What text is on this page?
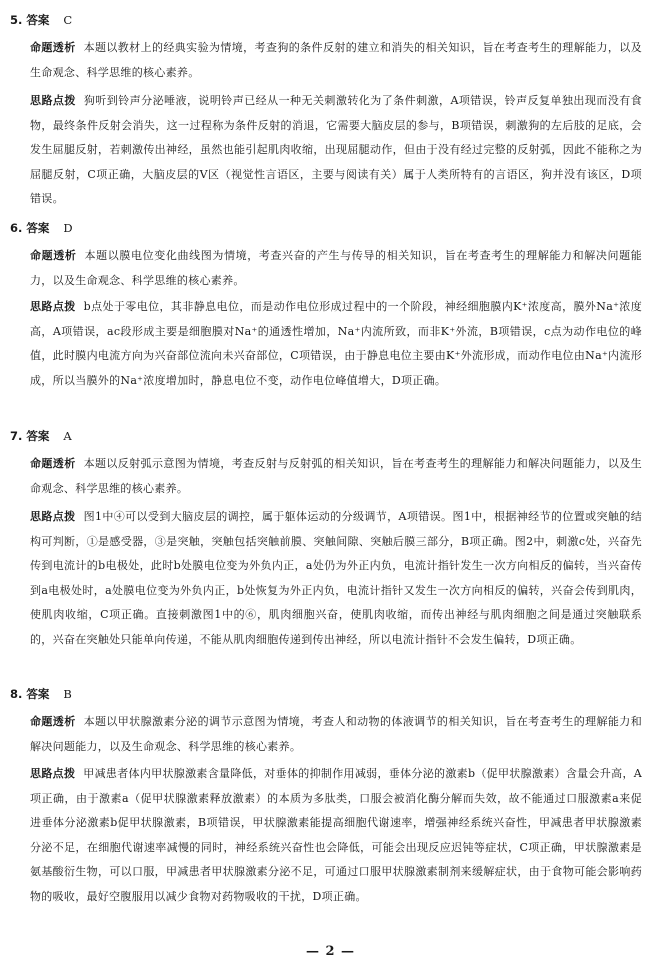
5. 答案 C
命题透析 本题以教材上的经典实验为情境，考查狗的条件反射的建立和消失的相关知识，旨在考查考生的理解能力，以及生命观念、科学思维的核心素养。
思路点拨 狗听到铃声分泌唾液，说明铃声已经从一种无关刺激转化为了条件刺激，A项错误，铃声反复单独出现而没有食物，最终条件反射会消失，这一过程称为条件反射的消退，它需要大脑皮层的参与，B项错误，刺激狗的左后肢的足底，会发生屈腿反射，若刺激传出神经，虽然也能引起肌肉收缩，出现屈腿动作，但由于没有经过完整的反射弧，因此不能称之为屈腿反射，C项正确，大脑皮层的V区（视觉性言语区，主要与阅读有关）属于人类所特有的言语区，狗并没有该区，D项错误。
6. 答案 D
命题透析 本题以膜电位变化曲线图为情境，考查兴奋的产生与传导的相关知识，旨在考查考生的理解能力和解决问题能力，以及生命观念、科学思维的核心素养。
思路点拨 b点处于零电位，其非静息电位，而是动作电位形成过程中的一个阶段，神经细胞膜内K⁺浓度高，膜外Na⁺浓度高，A项错误，ac段形成主要是细胞膜对Na⁺的通透性增加，Na⁺内流所致，而非K⁺外流，B项错误，c点为动作电位的峰值，此时膜内电流方向为兴奋部位流向未兴奋部位，C项错误，由于静息电位主要由K⁺外流形成，而动作电位由Na⁺内流形成，所以当膜外的Na⁺浓度增加时，静息电位不变，动作电位峰值增大，D项正确。
7. 答案 A
命题透析 本题以反射弧示意图为情境，考查反射与反射弧的相关知识，旨在考查考生的理解能力和解决问题能力，以及生命观念、科学思维的核心素养。
思路点拨 图1中④可以受到大脑皮层的调控，属于躯体运动的分级调节，A项错误。图1中，根据神经节的位置或突触的结构可判断，①是感受器，③是突触，突触包括突触前膜、突触间隙、突触后膜三部分，B项正确。图2中，刺激c处，兴奋先传到电流计的b电极处，此时b处膜电位变为外负内正，a处仍为外正内负，电流计指针发生一次方向相反的偏转，当兴奋传到a电极处时，a处膜电位变为外负内正，b处恢复为外正内负，电流计指针又发生一次方向相反的偏转，兴奋会传到肌肉，使肌肉收缩，C项正确。直接刺激图1中的⑥，肌肉细胞兴奋，使肌肉收缩，而传出神经与肌肉细胞之间是通过突触联系的，兴奋在突触处只能单向传递，不能从肌肉细胞传递到传出神经，所以电流计指针不会发生偏转，D项正确。
8. 答案 B
命题透析 本题以甲状腺激素分泌的调节示意图为情境，考查人和动物的体液调节的相关知识，旨在考查考生的理解能力和解决问题能力，以及生命观念、科学思维的核心素养。
思路点拨 甲减患者体内甲状腺激素含量降低，对垂体的抑制作用减弱，垂体分泌的激素b（促甲状腺激素）含量会升高，A项正确，由于激素a（促甲状腺激素释放激素）的本质为多肽类，口服会被消化酶分解而失效，故不能通过口服激素a来促进垂体分泌激素b促甲状腺激素，B项错误，甲状腺激素能提高细胞代谢速率，增强神经系统兴奋性，甲减患者甲状腺激素分泌不足，在细胞代谢速率减慢的同时，神经系统兴奋性也会降低，可能会出现反应迟钝等症状，C项正确，甲状腺激素是氨基酸衍生物，可以口服，甲减患者甲状腺激素分泌不足，可通过口服甲状腺激素制剂来缓解症状，由于食物可能会影响药物的吸收，最好空腹服用以减少食物对药物吸收的干扰，D项正确。
— 2 —
